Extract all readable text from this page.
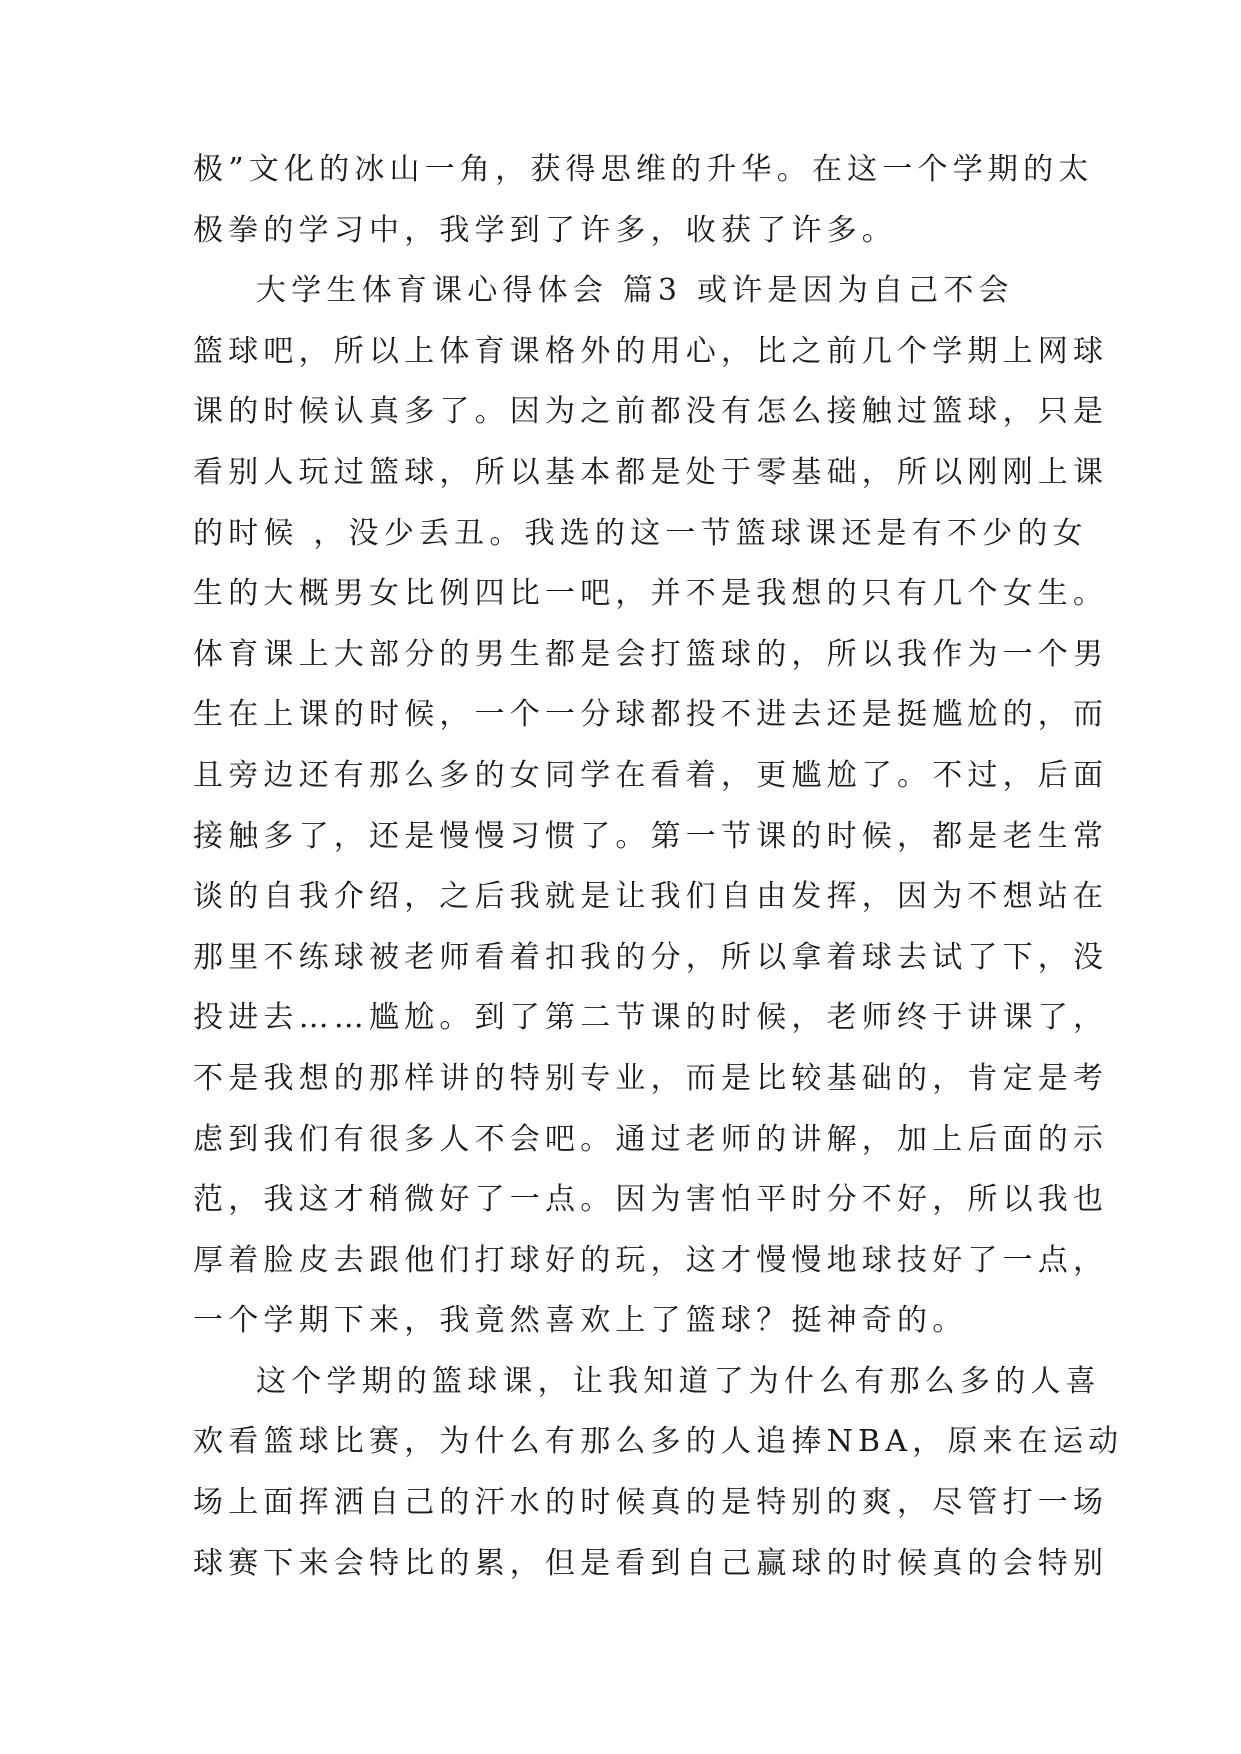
极”文化的冰山一角，获得思维的升华。在这一个学期的太
极拳的学习中，我学到了许多，收获了许多。
大学生体育课心得体会 篇3 或许是因为自己不会
篮球吧，所以上体育课格外的用心，比之前几个学期上网球
课的时候认真多了。因为之前都没有怎么接触过篮球，只是
看别人玩过篮球，所以基本都是处于零基础，所以刚刚上课
的时候 ，没少丢丑。我选的这一节篮球课还是有不少的女
生的大概男女比例四比一吧，并不是我想的只有几个女生。
体育课上大部分的男生都是会打篮球的，所以我作为一个男
生在上课的时候，一个一分球都投不进去还是挺尴尬的，而
且旁边还有那么多的女同学在看着，更尴尬了。不过，后面
接触多了，还是慢慢习惯了。第一节课的时候，都是老生常
谈的自我介绍，之后我就是让我们自由发挥，因为不想站在
那里不练球被老师看着扣我的分，所以拿着球去试了下，没
投进去……尴尬。到了第二节课的时候，老师终于讲课了，
不是我想的那样讲的特别专业，而是比较基础的，肯定是考
虑到我们有很多人不会吧。通过老师的讲解，加上后面的示
范，我这才稍微好了一点。因为害怕平时分不好，所以我也
厚着脸皮去跟他们打球好的玩，这才慢慢地球技好了一点，
一个学期下来，我竟然喜欢上了篮球？挺神奇的。
这个学期的篮球课，让我知道了为什么有那么多的人喜
欢看篮球比赛，为什么有那么多的人追捧NBA，原来在运动
场上面挥洒自己的汗水的时候真的是特别的爽，尽管打一场
球赛下来会特比的累，但是看到自己赢球的时候真的会特别
